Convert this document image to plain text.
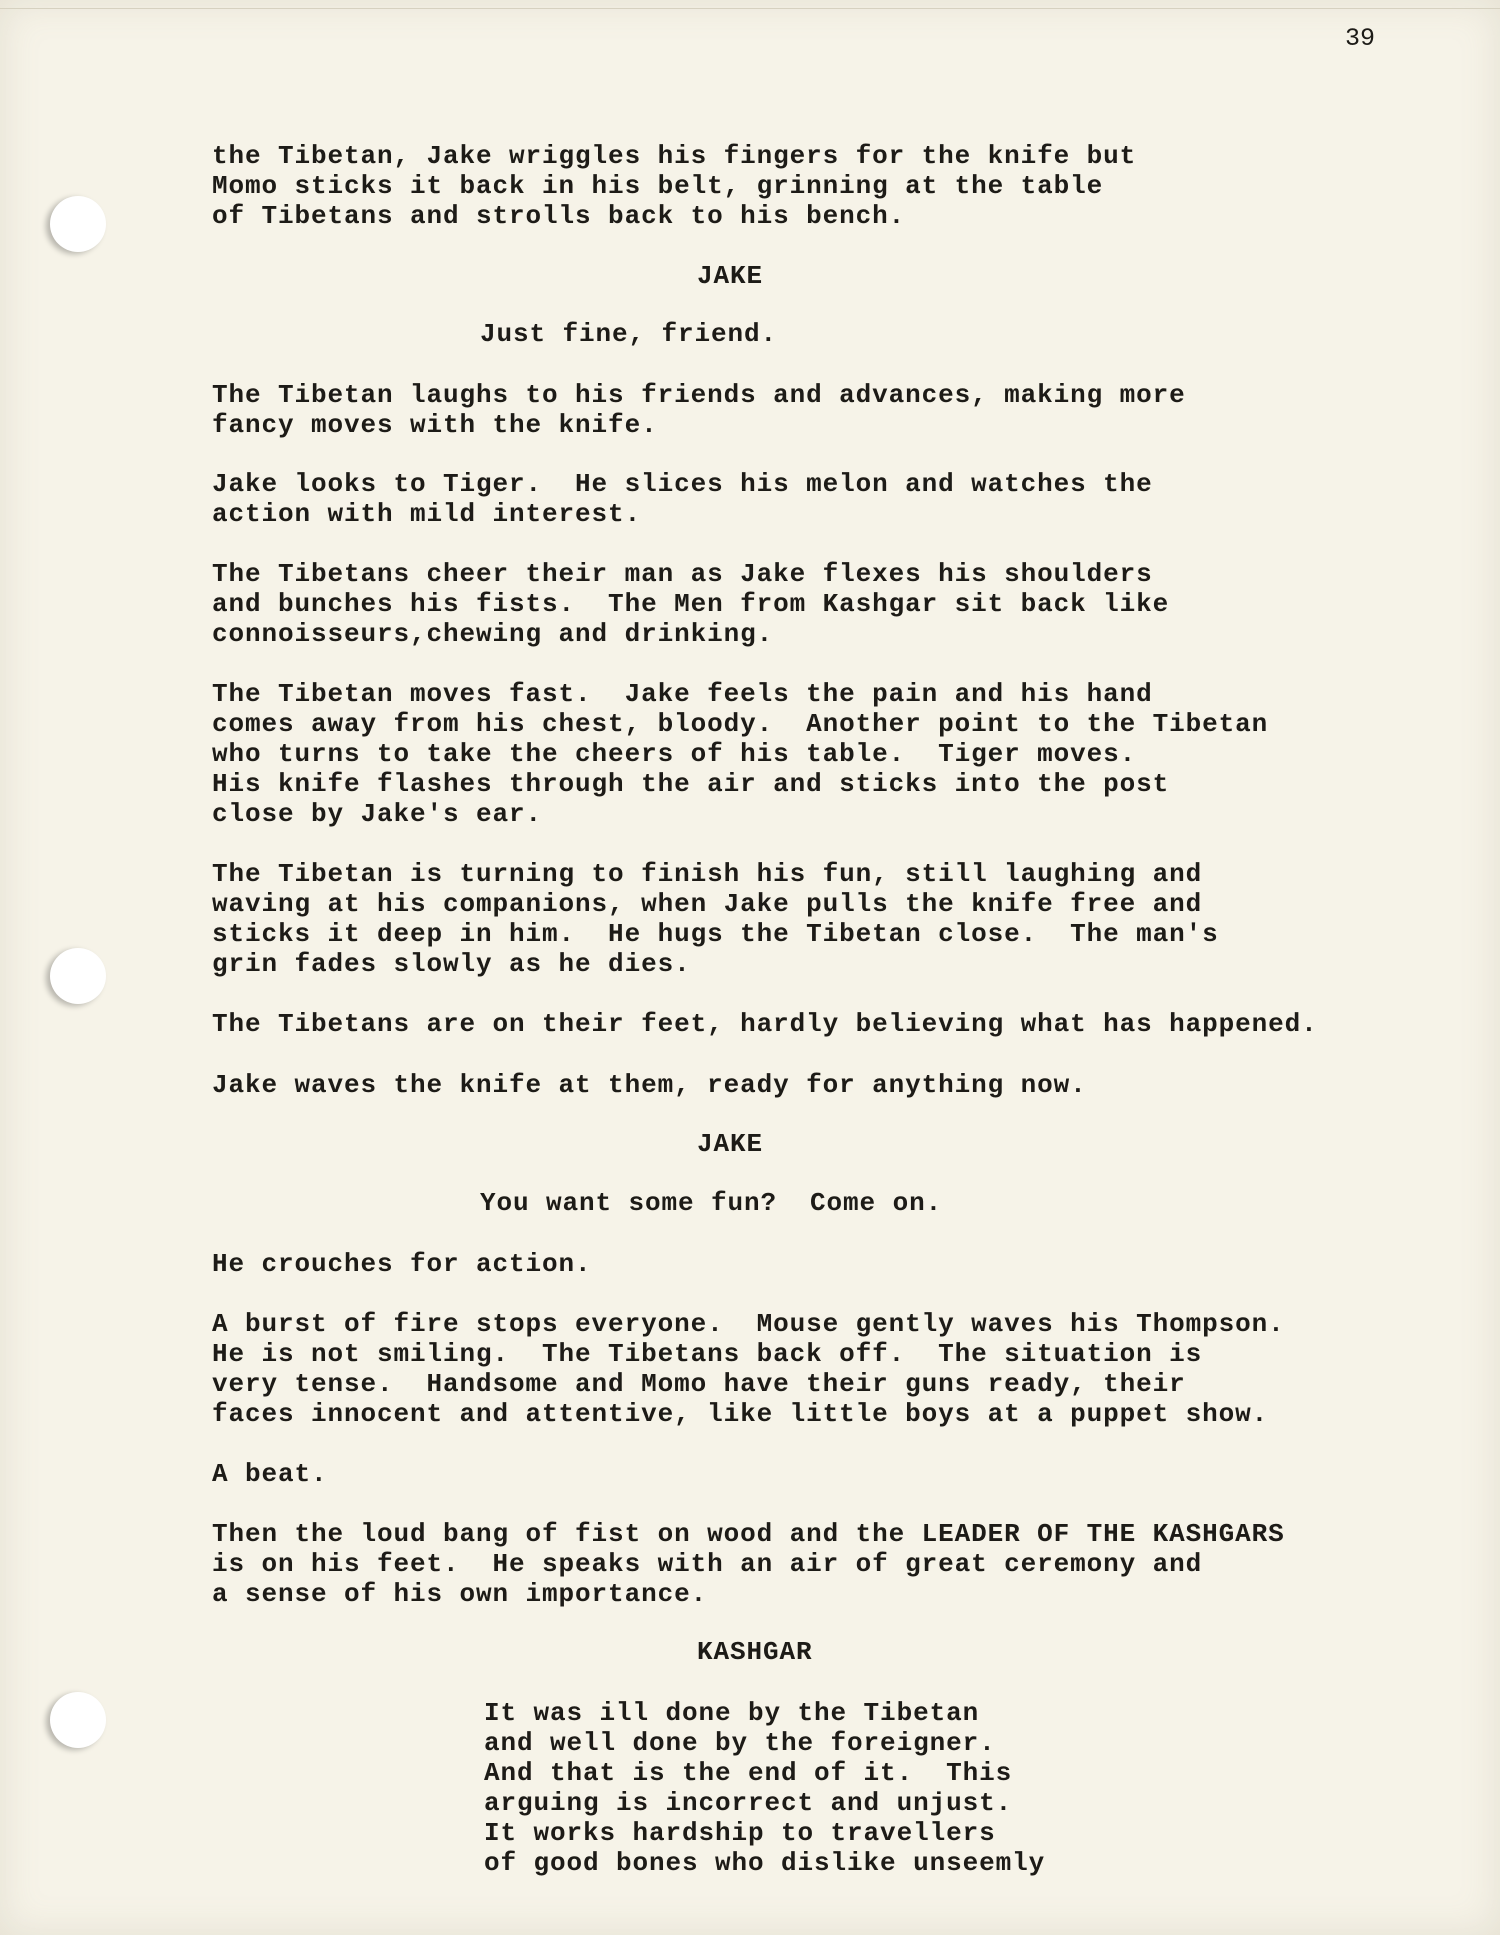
39
the Tibetan, Jake wriggles his fingers for the knife but
Momo sticks it back in his belt, grinning at the table
of Tibetans and strolls back to his bench.
JAKE
Just fine, friend.
The Tibetan laughs to his friends and advances, making more
fancy moves with the knife.
Jake looks to Tiger.  He slices his melon and watches the
action with mild interest.
The Tibetans cheer their man as Jake flexes his shoulders
and bunches his fists.  The Men from Kashgar sit back like
connoisseurs,chewing and drinking.
The Tibetan moves fast.  Jake feels the pain and his hand
comes away from his chest, bloody.  Another point to the Tibetan
who turns to take the cheers of his table.  Tiger moves.
His knife flashes through the air and sticks into the post
close by Jake's ear.
The Tibetan is turning to finish his fun, still laughing and
waving at his companions, when Jake pulls the knife free and
sticks it deep in him.  He hugs the Tibetan close.  The man's
grin fades slowly as he dies.
The Tibetans are on their feet, hardly believing what has happened.
Jake waves the knife at them, ready for anything now.
JAKE
You want some fun?  Come on.
He crouches for action.
A burst of fire stops everyone.  Mouse gently waves his Thompson.
He is not smiling.  The Tibetans back off.  The situation is
very tense.  Handsome and Momo have their guns ready, their
faces innocent and attentive, like little boys at a puppet show.
A beat.
Then the loud bang of fist on wood and the LEADER OF THE KASHGARS
is on his feet.  He speaks with an air of great ceremony and
a sense of his own importance.
KASHGAR
It was ill done by the Tibetan
and well done by the foreigner.
And that is the end of it.  This
arguing is incorrect and unjust.
It works hardship to travellers
of good bones who dislike unseemly
